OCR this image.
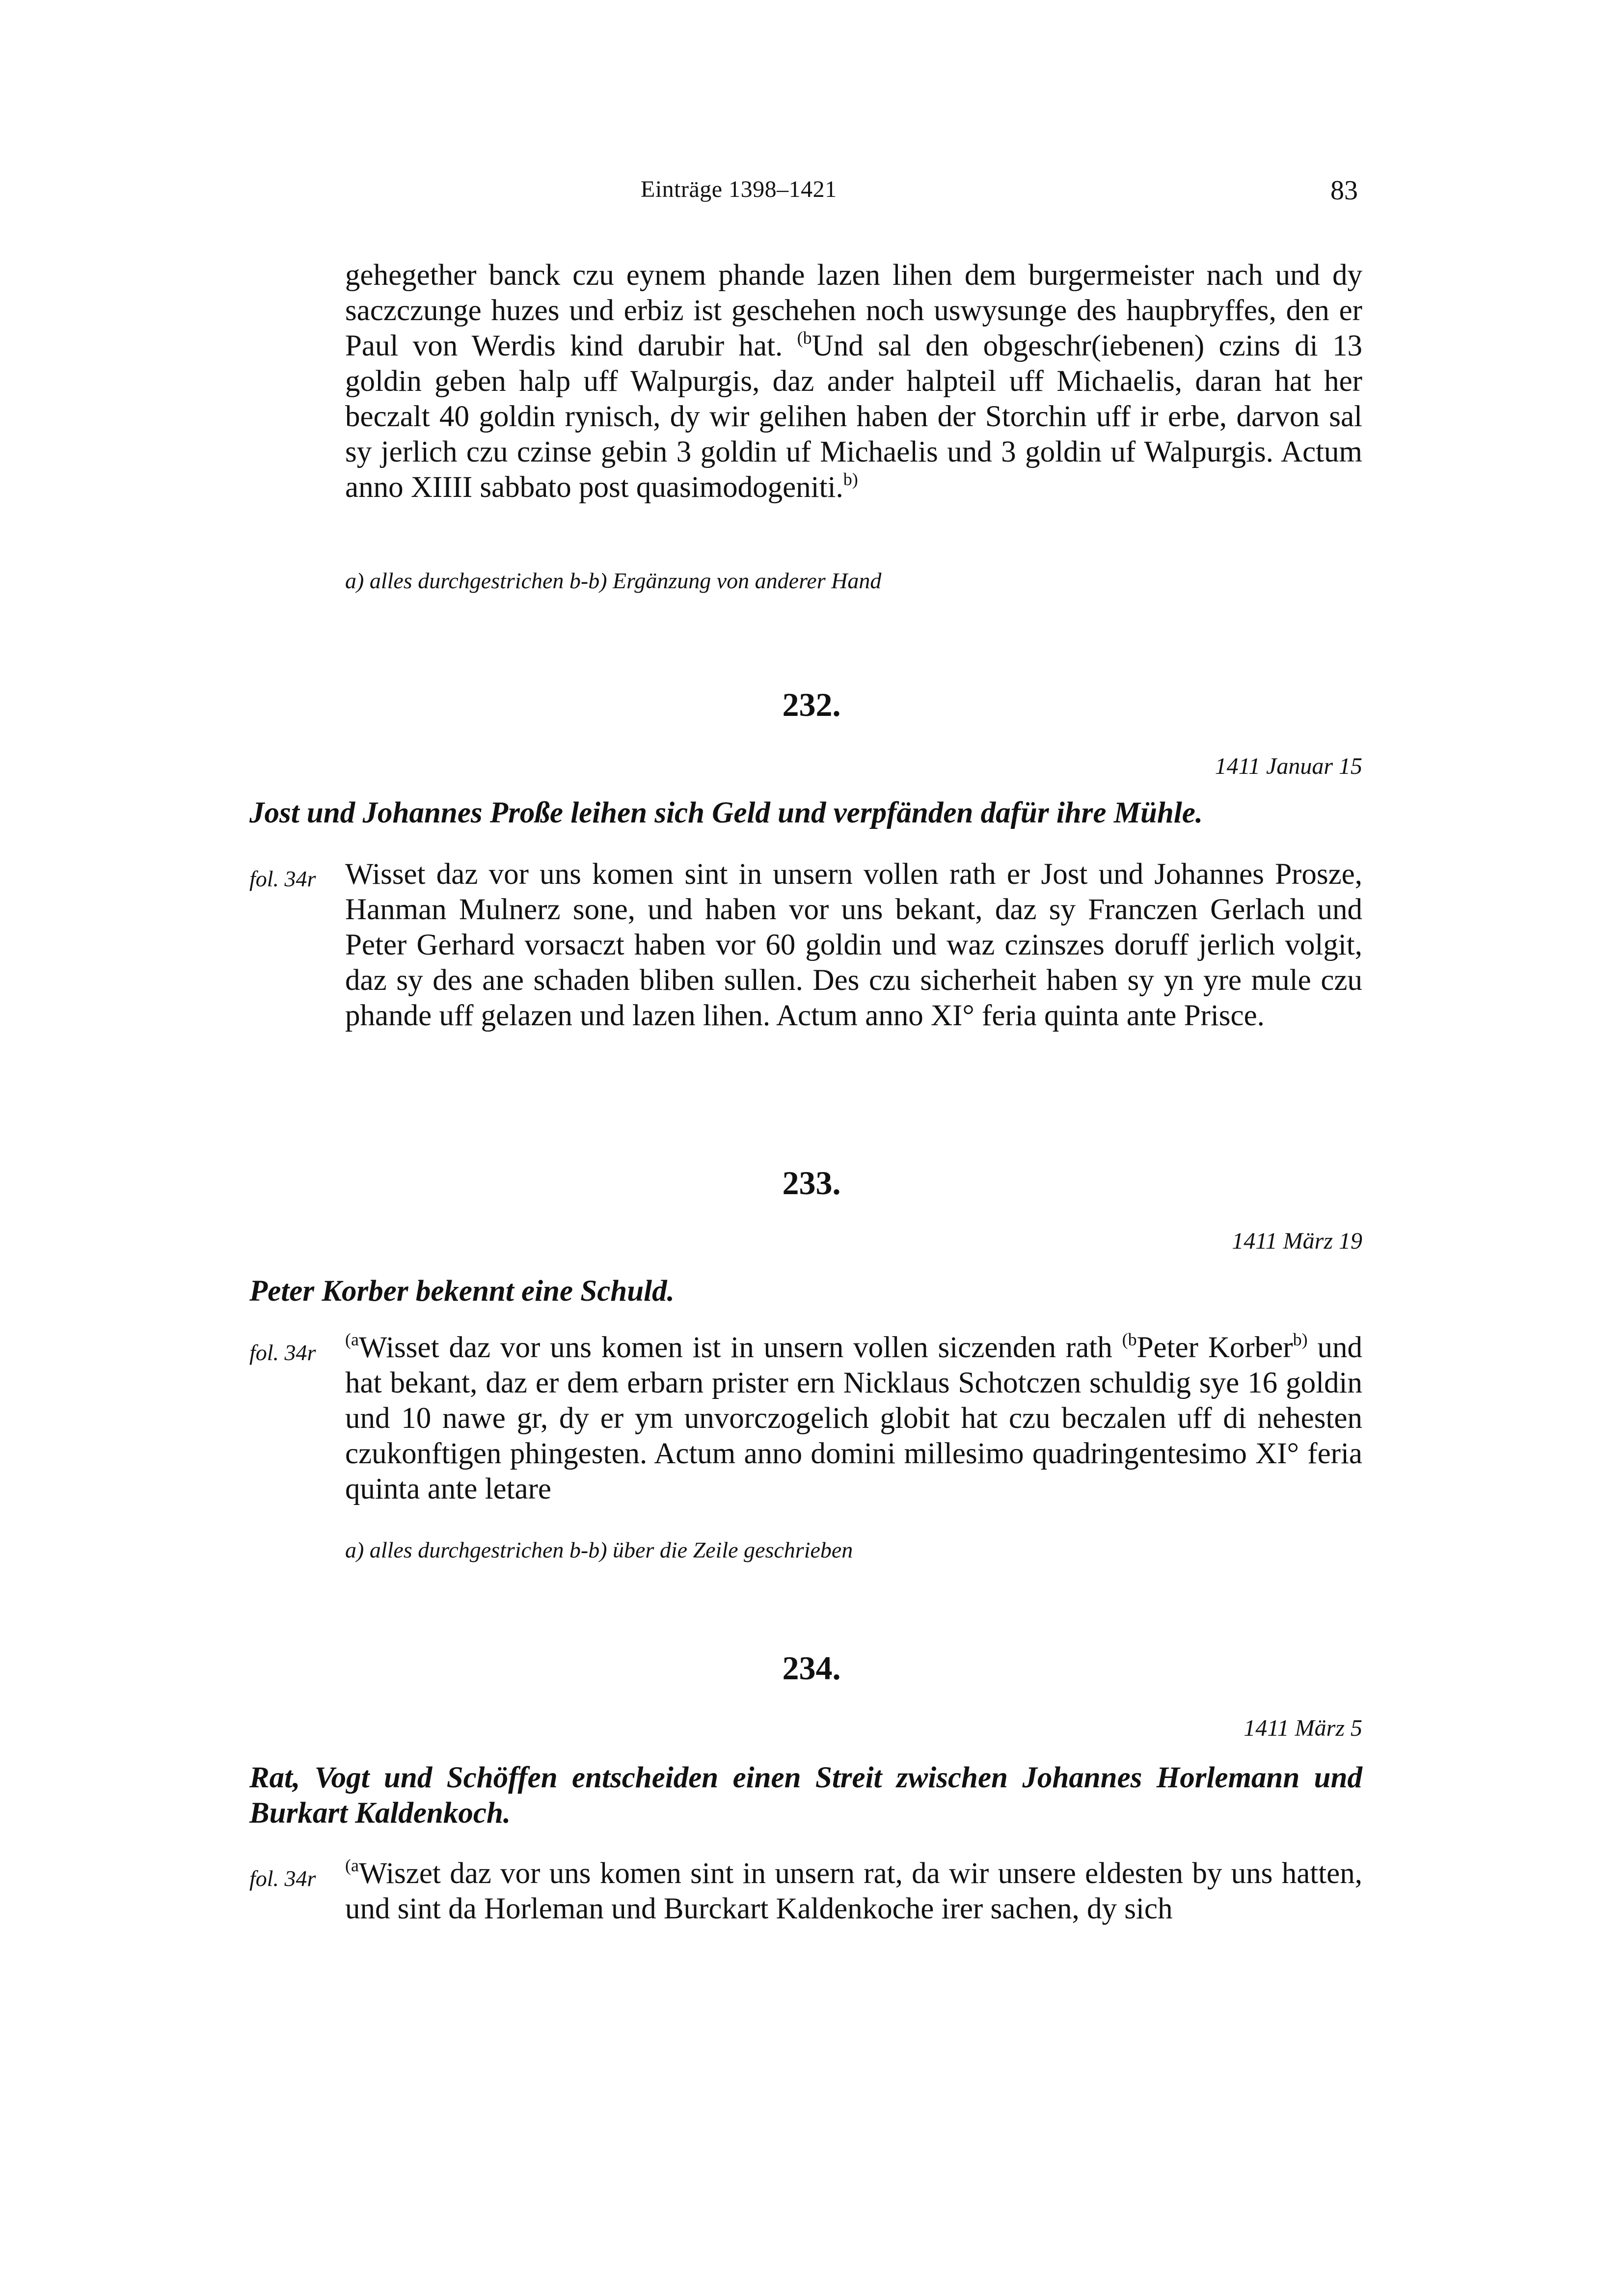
Einträge 1398–1421	83

gehegether banck czu eynem phande lazen lihen dem burgermeister nach und dy saczczunge huzes und erbiz ist geschehen noch uswysunge des haupbryffes, den er Paul von Werdis kind darubir hat. $^{(b}$Und sal den obgeschr(iebenen) czins di 13 goldin geben halp uff Walpurgis, daz ander halpteil uff Michaelis, daran hat her beczalt 40 goldin rynisch, dy wir gelihen haben der Storchin uff ir erbe, darvon sal sy jerlich czu czinse gebin 3 goldin uf Michaelis und 3 goldin uf Walpurgis. Actum anno XIIII sabbato post quasimodogeniti.$^{b)}$

a) alles durchgestrichen b-b) Ergänzung von anderer Hand

232.
1411 Januar 15

Jost und Johannes Proße leihen sich Geld und verpfänden dafür ihre Mühle.

fol. 34r Wisset daz vor uns komen sint in unsern vollen rath er Jost und Johannes Prosze, Hanman Mulnerz sone, und haben vor uns bekant, daz sy Franczen Gerlach und Peter Gerhard vorsaczt haben vor 60 goldin und waz czinszes doruff jerlich volgit, daz sy des ane schaden bliben sullen. Des czu sicherheit haben sy yn yre mule czu phande uff gelazen und lazen lihen. Actum anno XI° feria quinta ante Prisce.

233.
1411 März 19

Peter Korber bekennt eine Schuld.

fol. 34r

$^{(a}$Wisset daz vor uns komen ist in unsern vollen siczenden rath $^{(b}$Peter Korber$^{b)}$ und hat bekant, daz er dem erbarn prister ern Nicklaus Schotczen schuldig sye 16 goldin und 10 nawe gr, dy er ym unvorczogelich globit hat czu beczalen uff di nehesten czukonftigen phingesten. Actum anno domini millesimo quadringentesimo XI° feria quinta ante letare

a) alles durchgestrichen b-b) über die Zeile geschrieben

234.
1411 März 5

Rat, Vogt und Schöffen entscheiden einen Streit zwischen Johannes Horlemann und Burkart Kaldenkoch.

fol. 34r

$^{(a}$Wiszet daz vor uns komen sint in unsern rat, da wir unsere eldesten by uns hatten, und sint da Horleman und Burckart Kaldenkoche irer sachen, dy sich
